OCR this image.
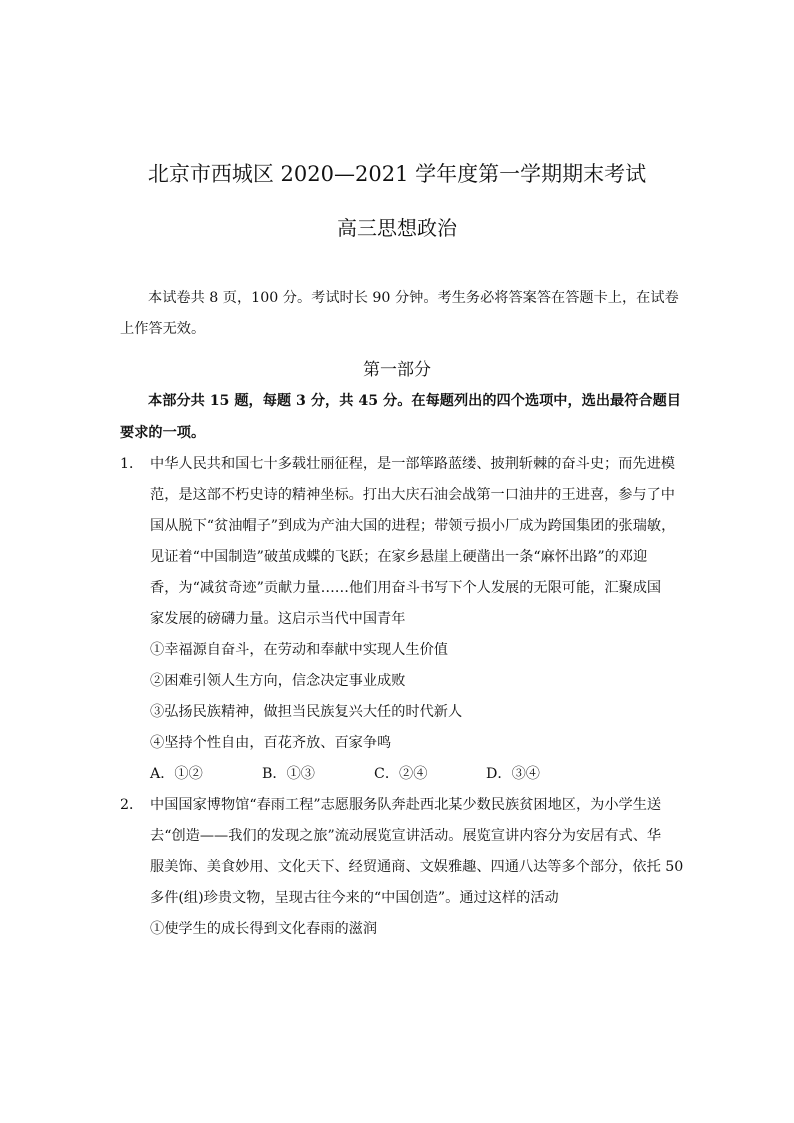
北京市西城区 2020—2021 学年度第一学期期末考试
高三思想政治
本试卷共 8 页，100 分。考试时长 90 分钟。考生务必将答案答在答题卡上，在试卷
上作答无效。
第一部分
本部分共 15 题，每题 3 分，共 45 分。在每题列出的四个选项中，选出最符合题目
要求的一项。
1． 中华人民共和国七十多载壮丽征程，是一部筚路蓝缕、披荆斩棘的奋斗史；而先进模
范，是这部不朽史诗的精神坐标。打出大庆石油会战第一口油井的王进喜，参与了中
国从脱下“贫油帽子”到成为产油大国的进程；带领亏损小厂成为跨国集团的张瑞敏，
见证着“中国制造”破茧成蝶的飞跃；在家乡悬崖上硬凿出一条“麻怀出路”的邓迎
香，为“减贫奇迹”贡献力量……他们用奋斗书写下个人发展的无限可能，汇聚成国
家发展的磅礴力量。这启示当代中国青年
①幸福源自奋斗，在劳动和奉献中实现人生价值
②困难引领人生方向，信念决定事业成败
③弘扬民族精神，做担当民族复兴大任的时代新人
④坚持个性自由，百花齐放、百家争鸣
A．①②	B．①③	C．②④	D．③④
2． 中国国家博物馆“春雨工程”志愿服务队奔赴西北某少数民族贫困地区，为小学生送
去“创造——我们的发现之旅”流动展览宣讲活动。展览宣讲内容分为安居有式、华
服美饰、美食妙用、文化天下、经贸通商、文娱雅趣、四通八达等多个部分，依托 50
多件(组)珍贵文物，呈现古往今来的“中国创造”。通过这样的活动
①使学生的成长得到文化春雨的滋润
